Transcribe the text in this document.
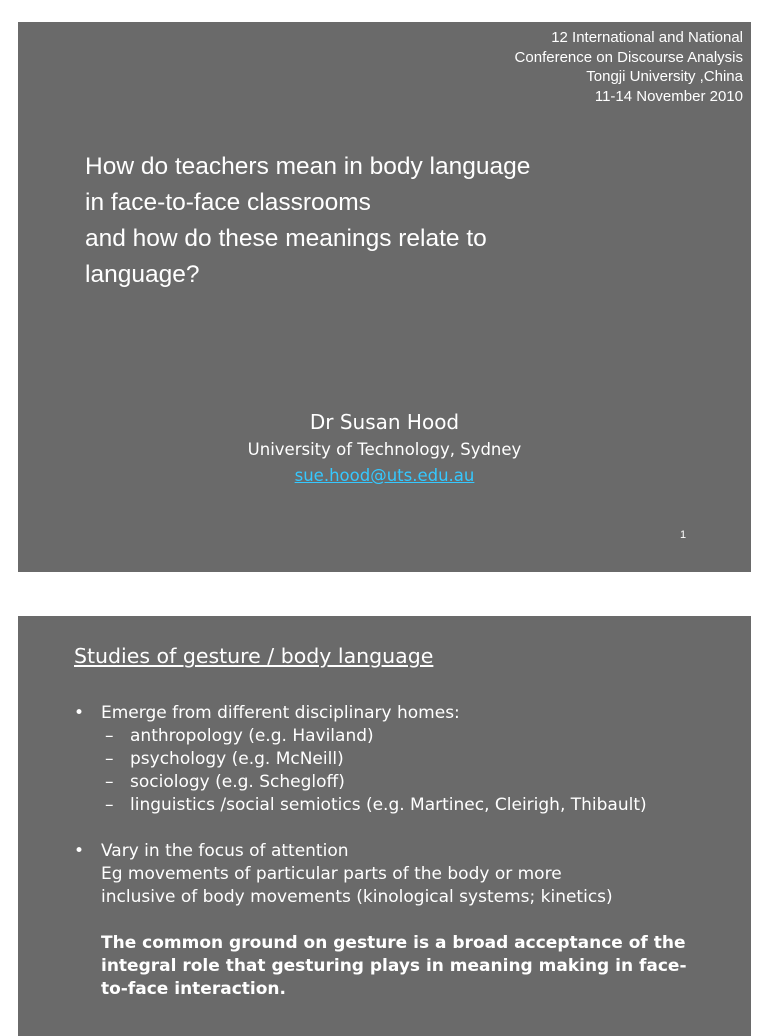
12 International and National
Conference on Discourse Analysis
Tongji University ,China
11-14 November 2010
How do teachers mean in body language
in face-to-face classrooms
and how do these meanings relate to
language?
Dr Susan Hood
University of Technology, Sydney
sue.hood@uts.edu.au
1
Studies of gesture / body language
• Emerge from different disciplinary homes:
– anthropology (e.g. Haviland)
– psychology (e.g. McNeill)
– sociology (e.g. Schegloff)
– linguistics /social semiotics (e.g. Martinec, Cleirigh, Thibault)
• Vary in the focus of attention
Eg movements of particular parts of the body or more
inclusive of body movements (kinological systems; kinetics)
The common ground on gesture is a broad acceptance of the
integral role that gesturing plays in meaning making in face-
to-face interaction.
